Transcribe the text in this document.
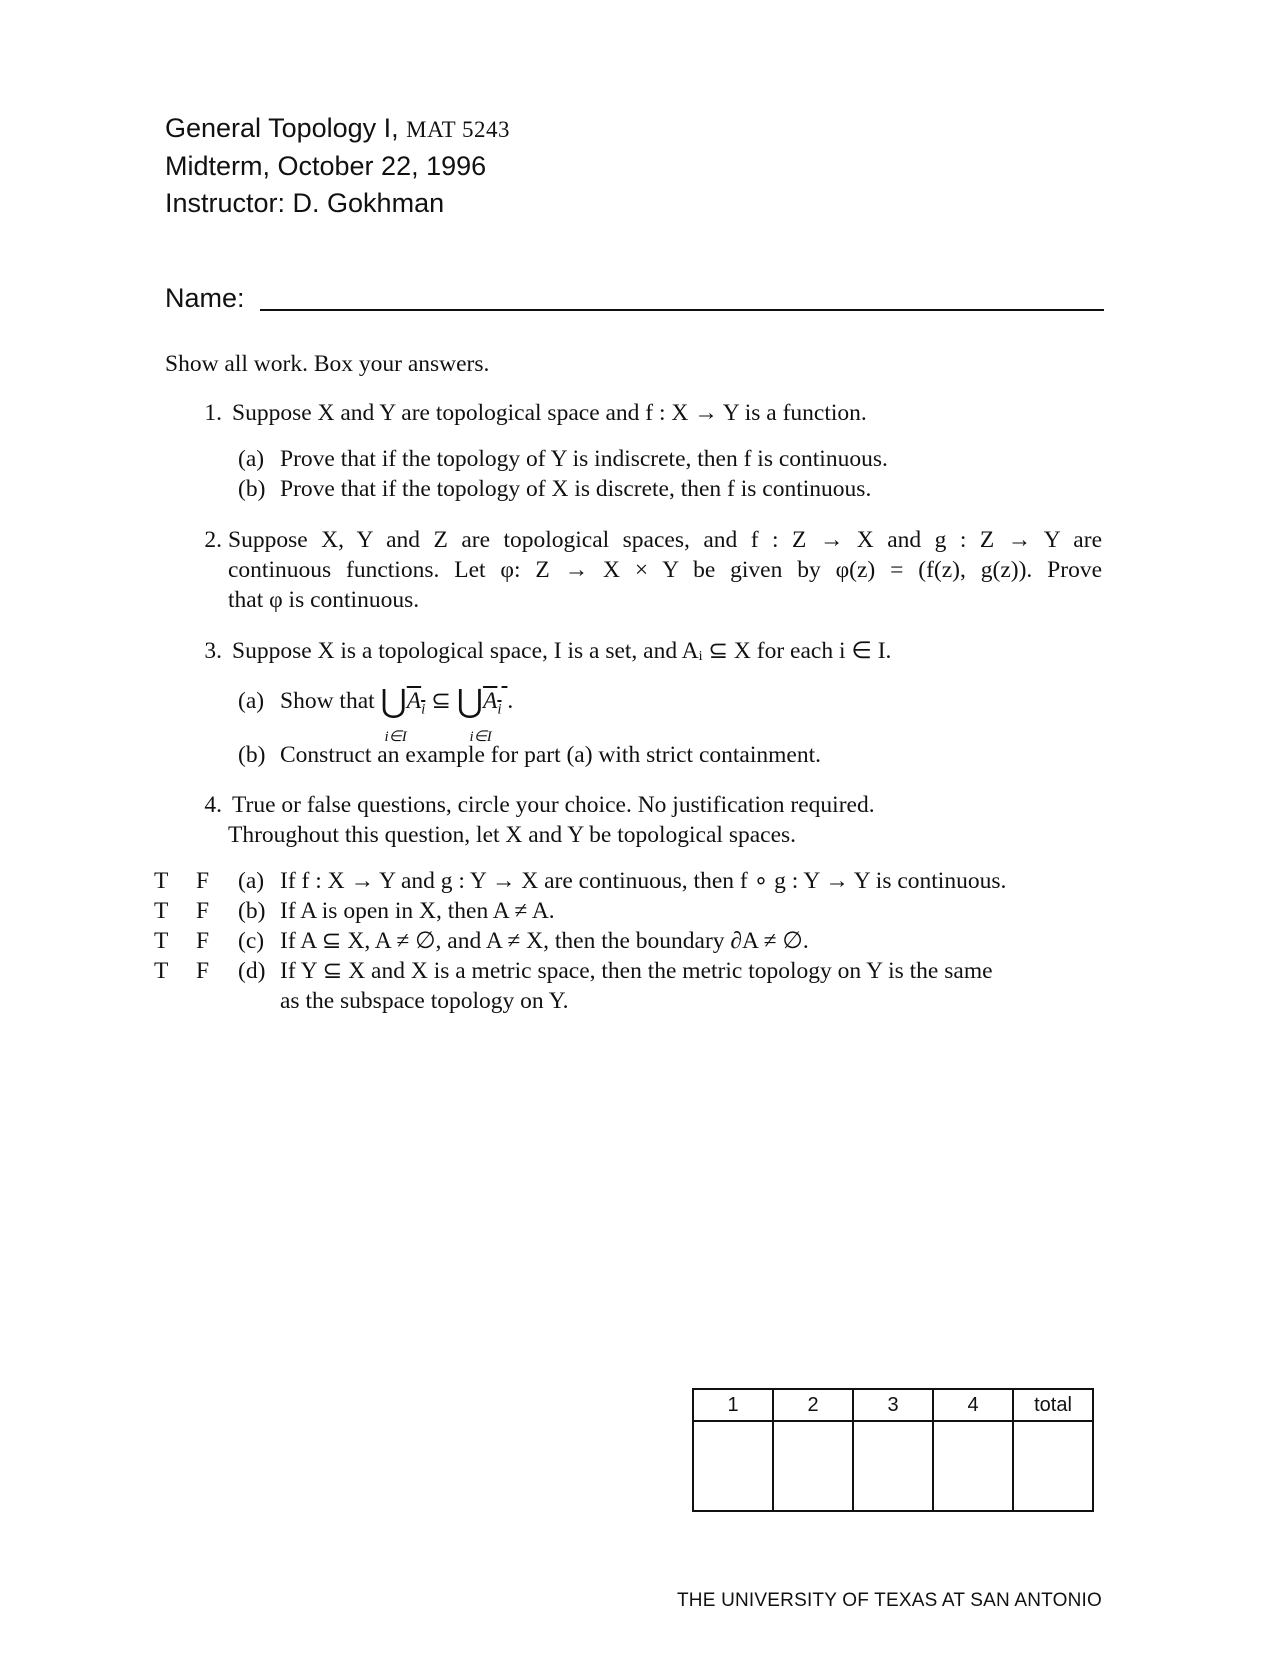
General Topology I, MAT 5243
Midterm, October 22, 1996
Instructor: D. Gokhman
Name:
Show all work. Box your answers.
1. Suppose X and Y are topological space and f : X → Y is a function.
(a) Prove that if the topology of Y is indiscrete, then f is continuous.
(b) Prove that if the topology of X is discrete, then f is continuous.
2. Suppose X, Y and Z are topological spaces, and f : Z → X and g : Z → Y are
continuous functions. Let φ: Z → X × Y be given by φ(z) = (f(z), g(z)). Prove
that φ is continuous.
3. Suppose X is a topological space, I is a set, and Aᵢ ⊆ X for each i ∈ I.
(a) Show that $⋃A_i$ ⊆ $⋃A_i$ .
i∈I	i∈I
(b) Construct an example for part (a) with strict containment.
4. True or false questions, circle your choice. No justification required.
Throughout this question, let X and Y be topological spaces.
T F (a) If f : X → Y and g : Y → X are continuous, then f ∘ g : Y → Y is continuous.
T F (b) If A is open in X, then A ≠ A.
T F (c) If A ⊆ X, A ≠ ∅, and A ≠ X, then the boundary ∂A ≠ ∅.
T F (d) If Y ⊆ X and X is a metric space, then the metric topology on Y is the same
as the subspace topology on Y.
1	2	3	4	total

THE UNIVERSITY OF TEXAS AT SAN ANTONIO
